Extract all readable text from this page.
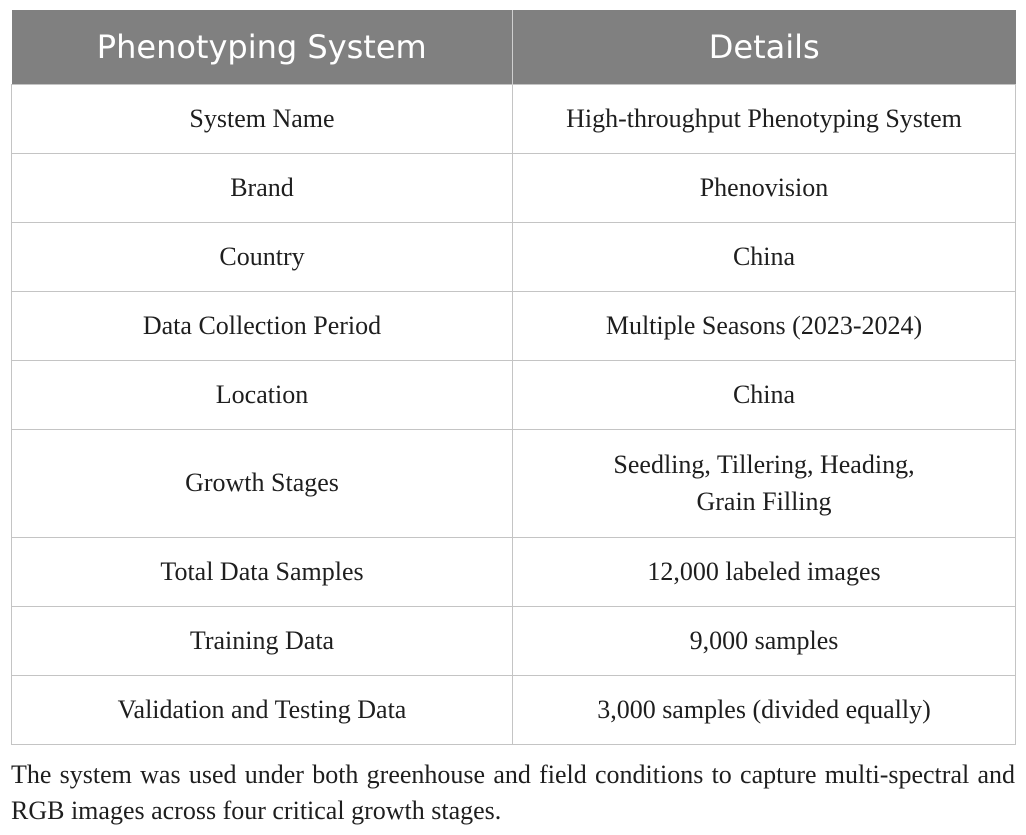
Phenotyping System	Details
System Name	High-throughput Phenotyping System
Brand	Phenovision
Country	China
Data Collection Period	Multiple Seasons (2023-2024)
Location	China
Growth Stages	Seedling, Tillering, Heading,
Grain Filling

Total Data Samples	12,000 labeled images
Training Data	9,000 samples
Validation and Testing Data	3,000 samples (divided equally)

The system was used under both greenhouse and field conditions to capture multi-spectral and RGB images across four critical growth stages.
